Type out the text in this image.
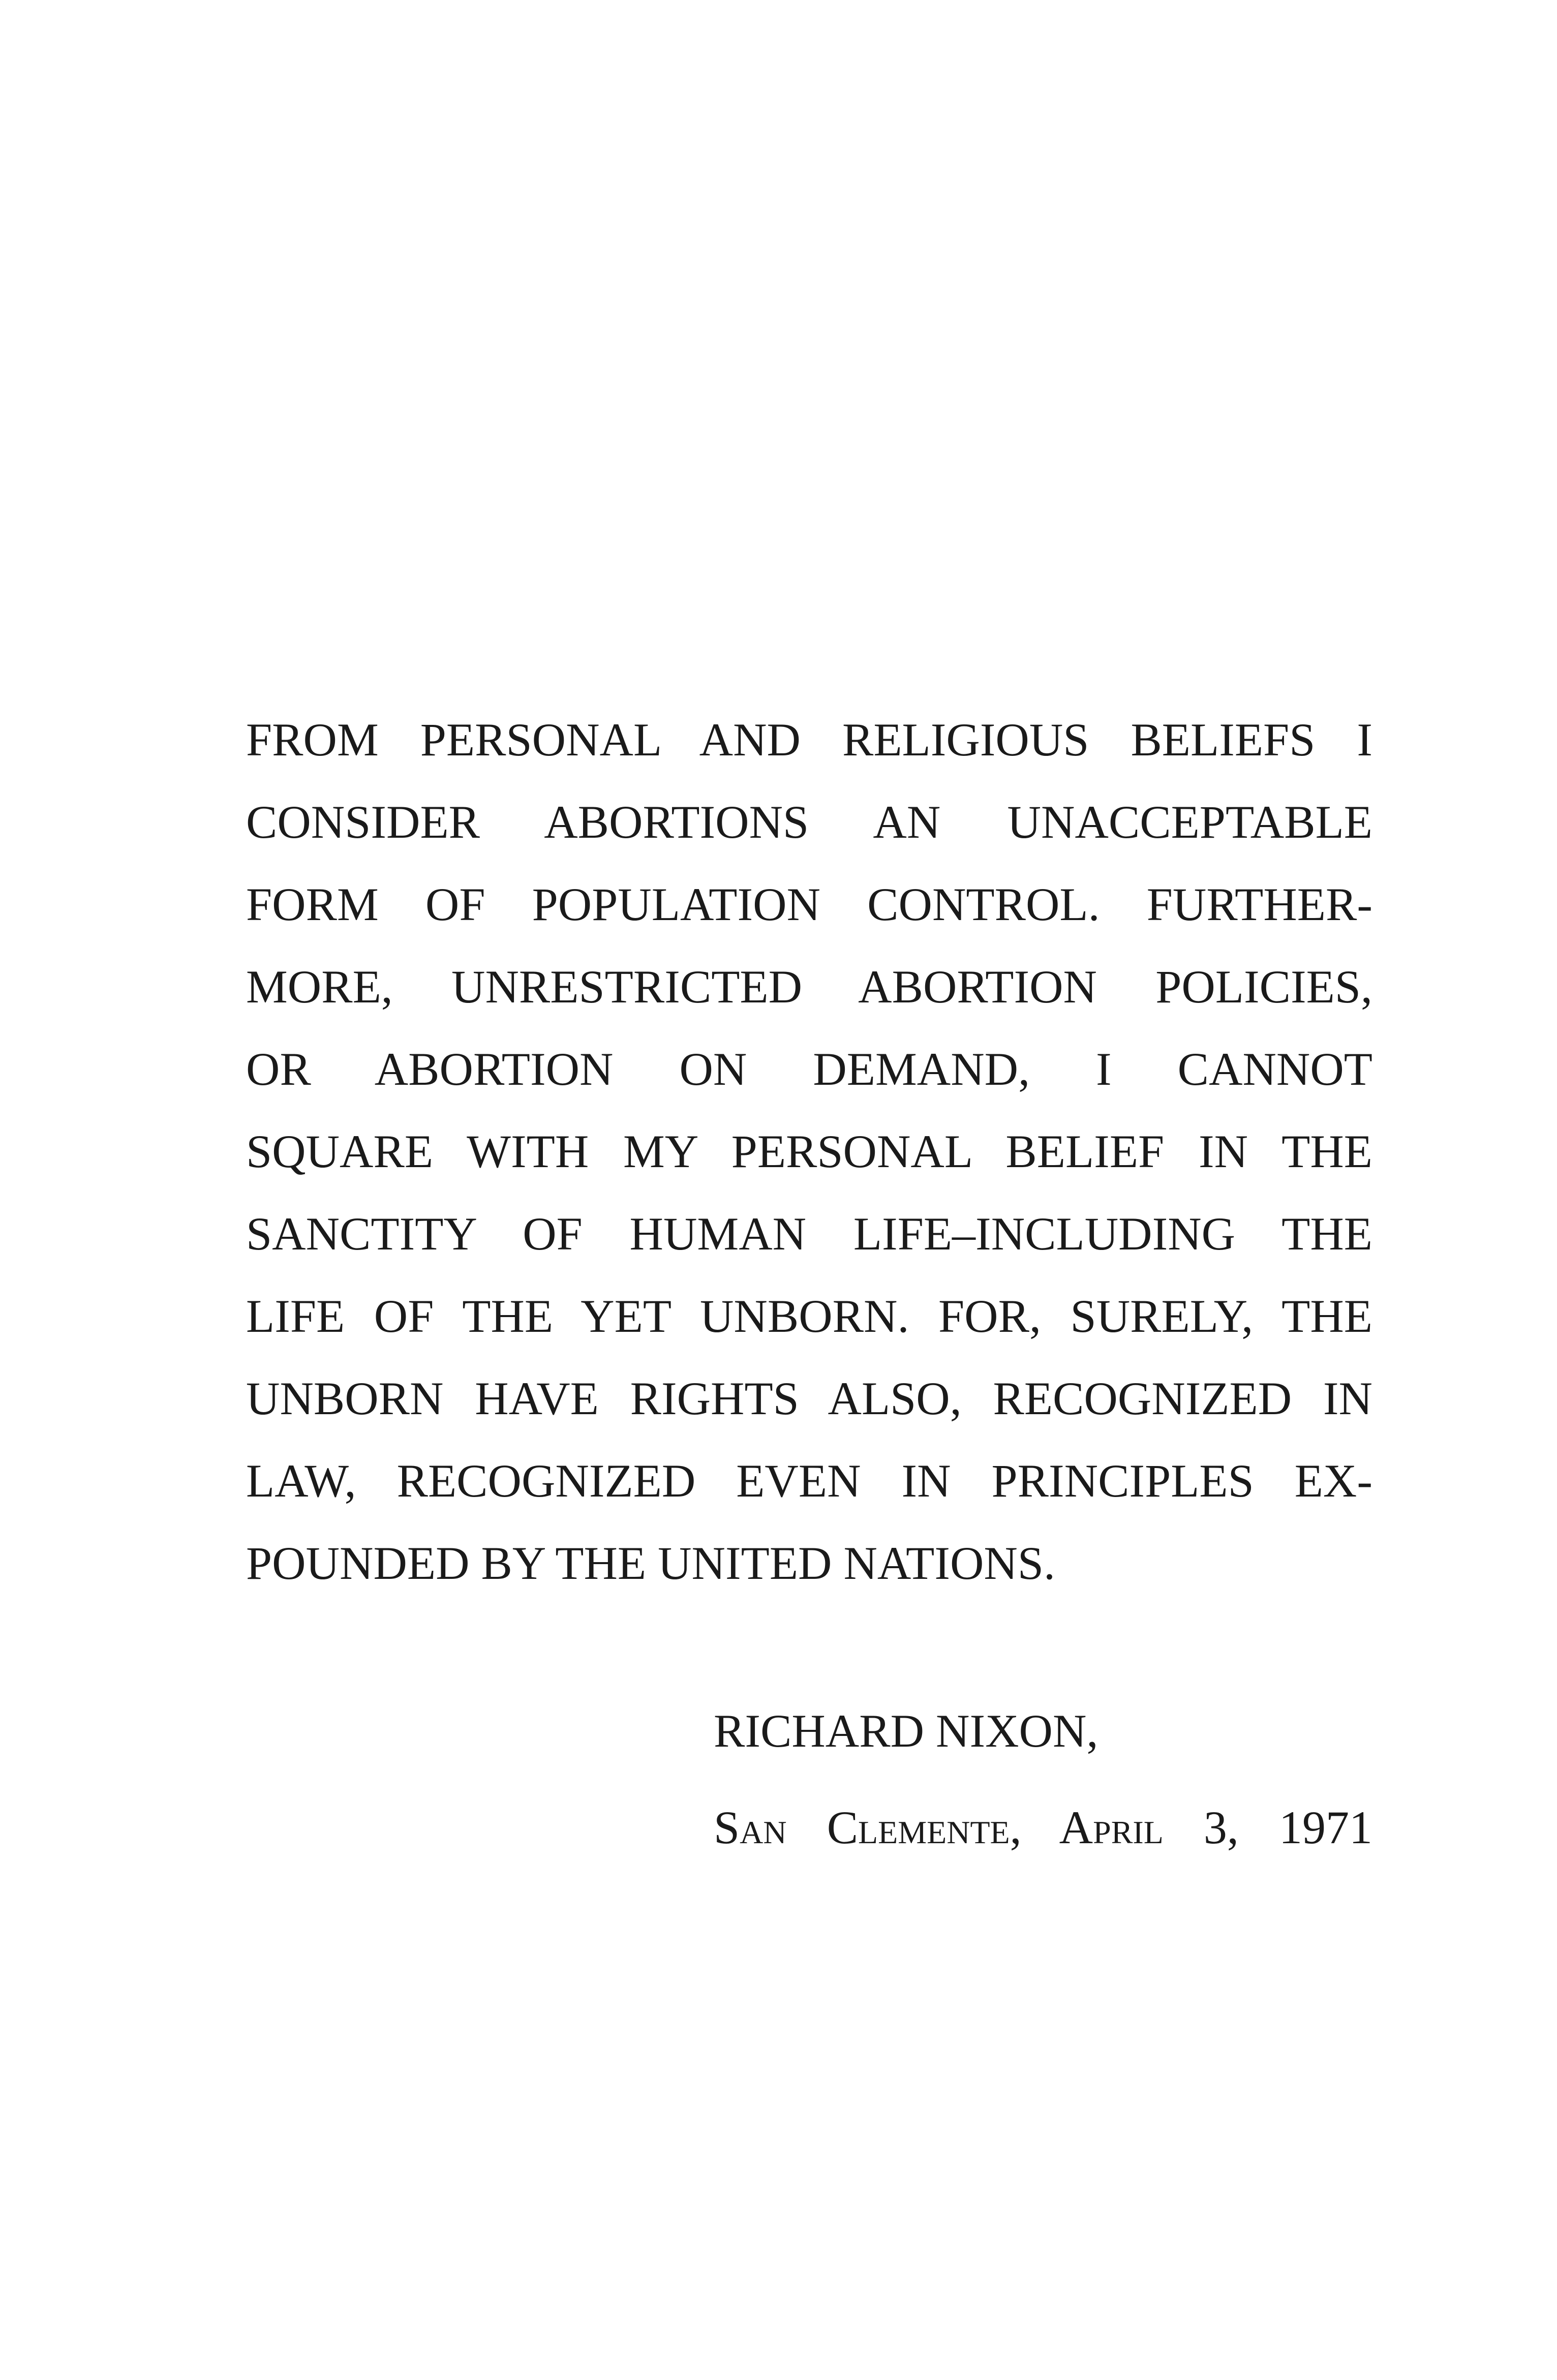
FROM PERSONAL AND RELIGIOUS BELIEFS I
CONSIDER ABORTIONS AN UNACCEPTABLE
FORM OF POPULATION CONTROL. FURTHER-
MORE, UNRESTRICTED ABORTION POLICIES,
OR ABORTION ON DEMAND, I CANNOT
SQUARE WITH MY PERSONAL BELIEF IN THE
SANCTITY OF HUMAN LIFE–INCLUDING THE
LIFE OF THE YET UNBORN. FOR, SURELY, THE
UNBORN HAVE RIGHTS ALSO, RECOGNIZED IN
LAW, RECOGNIZED EVEN IN PRINCIPLES EX-
POUNDED BY THE UNITED NATIONS.
RICHARD NIXON,
San Clemente, April 3, 1971
